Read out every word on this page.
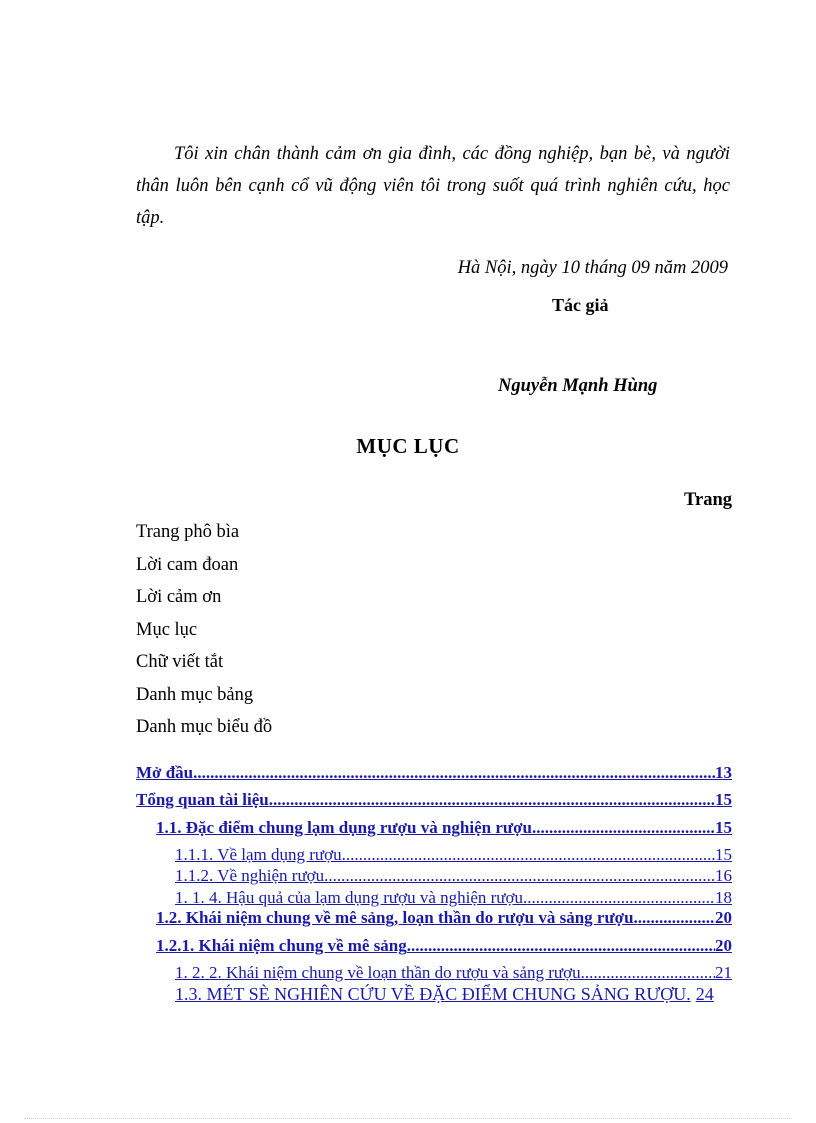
Tôi xin chân thành cảm ơn gia đình, các đồng nghiệp, bạn bè, và người thân luôn bên cạnh cổ vũ động viên tôi trong suốt quá trình nghiên cứu, học tập.

Hà Nội, ngày 10 tháng 09 năm 2009
Tác giả
Nguyễn Mạnh Hùng
MỤC LỤC
Trang
Trang phô bìa
Lời cam đoan
Lời cảm ơn
Mục lục
Chữ viết tắt
Danh mục bảng
Danh mục biểu đồ
Mở đầu .....	13
Tổng quan tài liệu .....	15
1.1. Đặc điểm chung lạm dụng rượu và nghiện rượu. .....	15
1.1.1. Về lạm dụng rượu. .....	15
1.1.2. Về nghiện rượu. .....	16
1. 1. 4. Hậu quả của lạm dụng rượu và nghiện rượu. .....	18
1.2. Khái niệm chung về mê sảng, loạn thần do rượu và sảng rượu. .....	20
1.2.1. Khái niệm chung về mê sảng .....	20
1. 2. 2. Khái niệm chung về loạn thần do rượu và sảng rượu. .....	21
1.3. MÉT SÈ NGHIÊN CỨU VỀ ĐẶC ĐIỂM CHUNG SẢNG RƯỢU. 24
